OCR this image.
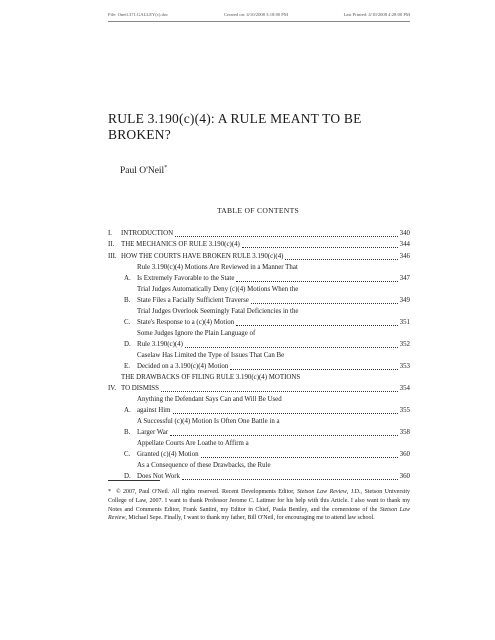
File: Oneil.371.GALLEY(c).doc	Created on: 4/10/2008 3:18:00 PM	Last Printed: 4/10/2008 4:28:00 PM
RULE 3.190(c)(4): A RULE MEANT TO BE BROKEN?
Paul O'Neil*
TABLE OF CONTENTS
I.	INTRODUCTION	340
II. THE MECHANICS OF RULE 3.190(c)(4)	344
III. HOW THE COURTS HAVE BROKEN RULE 3.190(c)(4)	346
A.
Rule 3.190(c)(4) Motions Are Reviewed in a Manner That
Is Extremely Favorable to the State	347
B.
Trial Judges Automatically Deny (c)(4) Motions When the
State Files a Facially Sufficient Traverse	349
C.
Trial Judges Overlook Seemingly Fatal Deficiencies in the
State's Response to a (c)(4) Motion	351
D.
Some Judges Ignore the Plain Language of
Rule 3.190(c)(4)	352
E.
Caselaw Has Limited the Type of Issues That Can Be
Decided on a 3.190(c)(4) Motion	353
IV.
THE DRAWBACKS OF FILING RULE 3.190(c)(4) MOTIONS
TO DISMISS	354
A.
Anything the Defendant Says Can and Will Be Used
against Him	355
B.
A Successful (c)(4) Motion Is Often One Battle in a
Larger War	358
C.
Appellate Courts Are Loathe to Affirm a
Granted (c)(4) Motion	360
D.
As a Consequence of these Drawbacks, the Rule
Does Not Work	360
* © 2007, Paul O'Neil. All rights reserved. Recent Developments Editor, Stetson Law Review, J.D., Stetson University College of Law, 2007. I want to thank Professor Jerome C. Latimer for his help with this Article. I also want to thank my Notes and Comments Editor, Frank Santini, my Editor in Chief, Paula Bentley, and the cornerstone of the Stetson Law Review, Michael Sepe. Finally, I want to thank my father, Bill O'Neil, for encouraging me to attend law school.
